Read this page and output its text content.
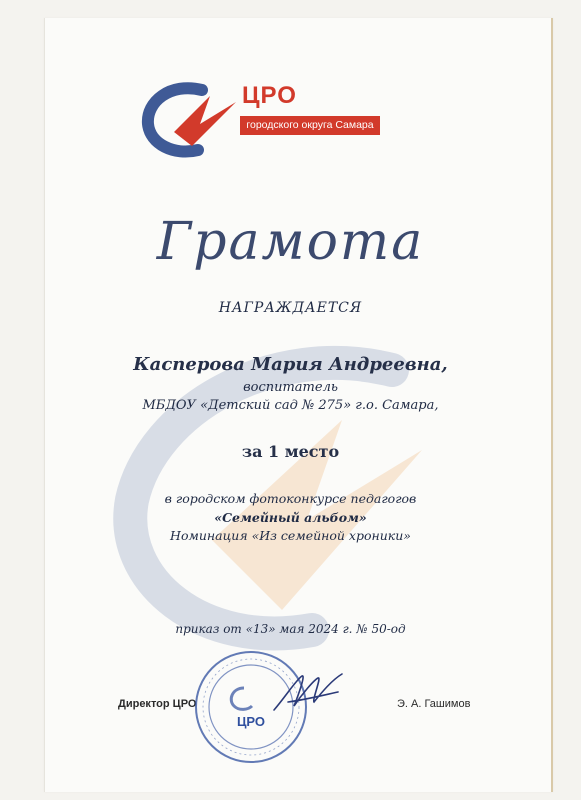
ЦРО
городского округа Самара
Грамота
НАГРАЖДАЕТСЯ
Касперова Мария Андреевна,
воспитатель
МБДОУ «Детский сад № 275» г.о. Самара,
за 1 место
в городском фотоконкурсе педагогов
«Семейный альбом»
Номинация «Из семейной хроники»
приказ от «13» мая 2024 г. № 50-од
Директор ЦРО
ЦРО
Э. А. Гашимов
